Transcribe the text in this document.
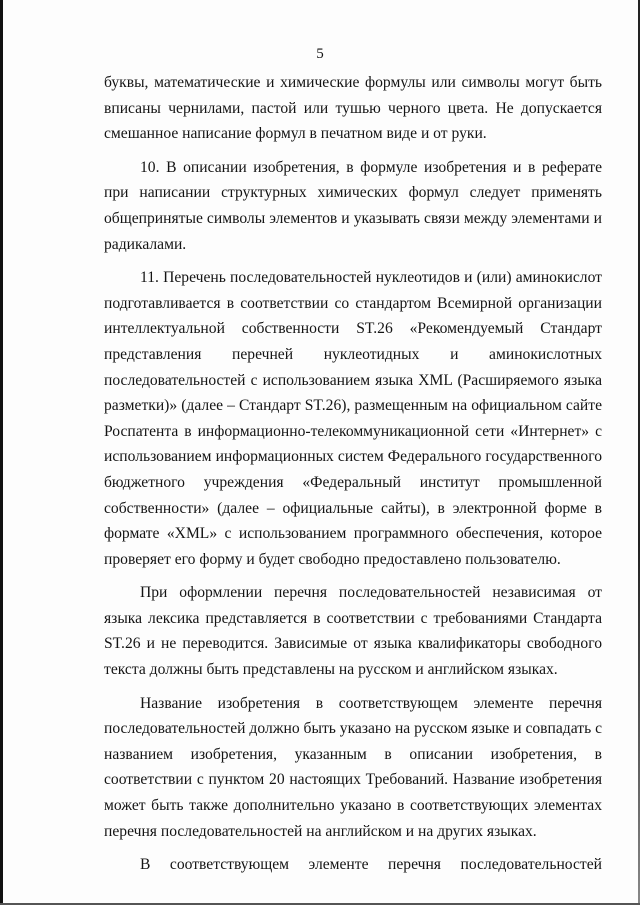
5

буквы, математические и химические формулы или символы могут быть вписаны чернилами, пастой или тушью черного цвета. Не допускается смешанное написание формул в печатном виде и от руки.

10. В описании изобретения, в формуле изобретения и в реферате при написании структурных химических формул следует применять общепринятые символы элементов и указывать связи между элементами и радикалами.

11. Перечень последовательностей нуклеотидов и (или) аминокислот подготавливается в соответствии со стандартом Всемирной организации интеллектуальной собственности ST.26 «Рекомендуемый Стандарт представления перечней нуклеотидных и аминокислотных последовательностей с использованием языка XML (Расширяемого языка разметки)» (далее – Стандарт ST.26), размещенным на официальном сайте Роспатента в информационно-телекоммуникационной сети «Интернет» с использованием информационных систем Федерального государственного бюджетного учреждения «Федеральный институт промышленной собственности» (далее – официальные сайты), в электронной форме в формате «XML» с использованием программного обеспечения, которое проверяет его форму и будет свободно предоставлено пользователю.

При оформлении перечня последовательностей независимая от языка лексика представляется в соответствии с требованиями Стандарта ST.26 и не переводится. Зависимые от языка квалификаторы свободного текста должны быть представлены на русском и английском языках.

Название изобретения в соответствующем элементе перечня последовательностей должно быть указано на русском языке и совпадать с названием изобретения, указанным в описании изобретения, в соответствии с пунктом 20 настоящих Требований. Название изобретения может быть также дополнительно указано в соответствующих элементах перечня последовательностей на английском и на других языках.

В соответствующем элементе перечня последовательностей
